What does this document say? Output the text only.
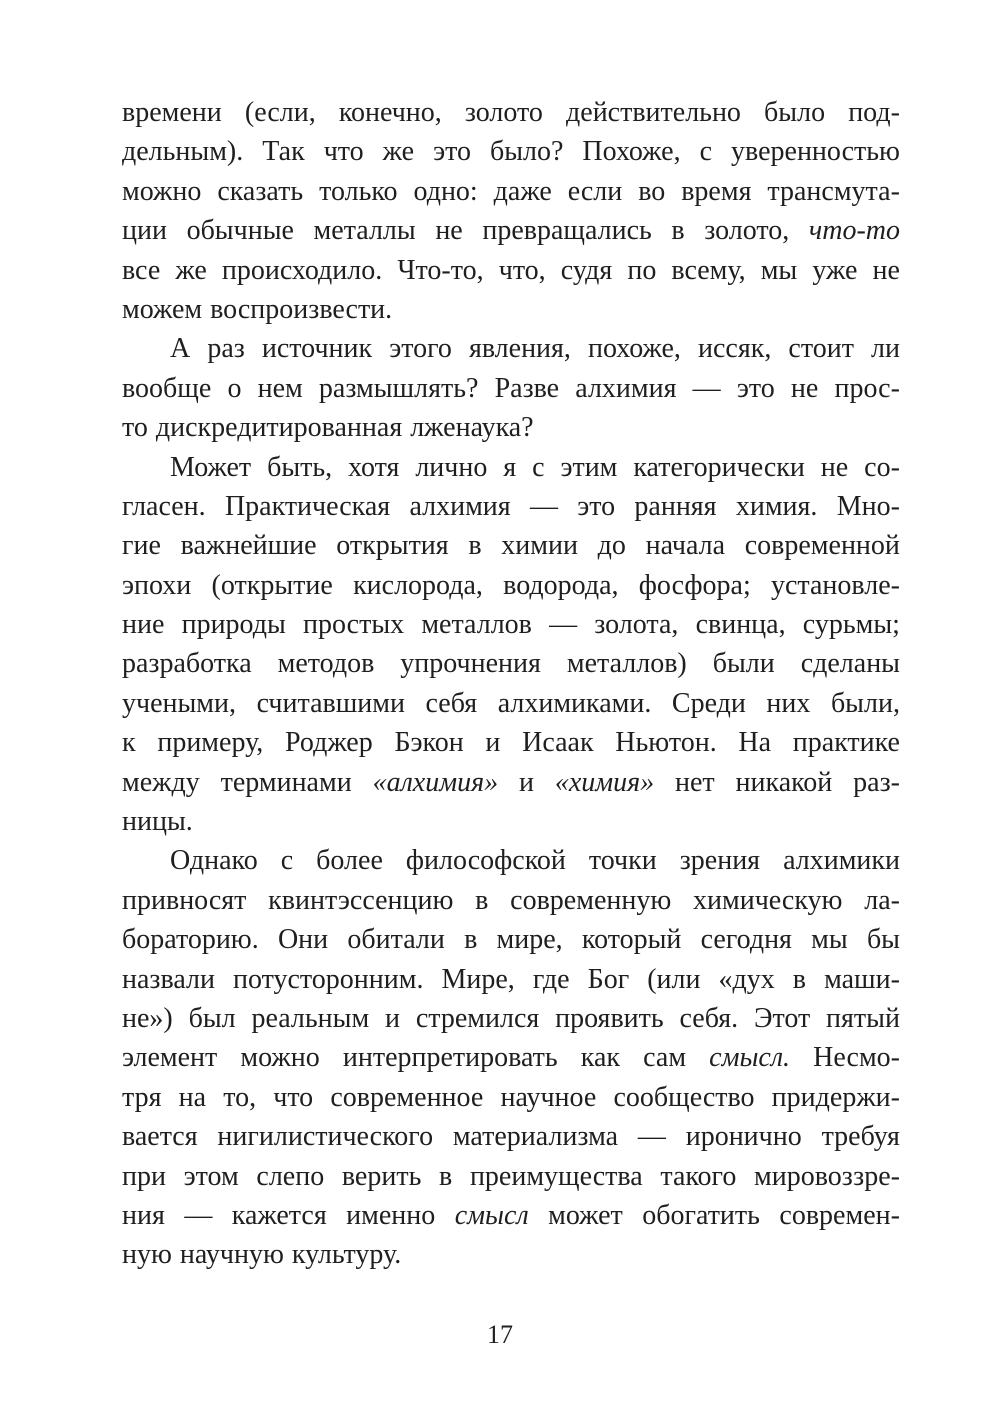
времени (если, конечно, золото действительно было под-
дельным). Так что же это было? Похоже, с уверенностью
можно сказать только одно: даже если во время трансмута-
ции обычные металлы не превращались в золото, что-то
все же происходило. Что-то, что, судя по всему, мы уже не
можем воспроизвести.
А раз источник этого явления, похоже, иссяк, стоит ли
вообще о нем размышлять? Разве алхимия — это не прос-
то дискредитированная лженаука?
Может быть, хотя лично я с этим категорически не со-
гласен. Практическая алхимия — это ранняя химия. Мно-
гие важнейшие открытия в химии до начала современной
эпохи (открытие кислорода, водорода, фосфора; установле-
ние природы простых металлов — золота, свинца, сурьмы;
разработка методов упрочнения металлов) были сделаны
учеными, считавшими себя алхимиками. Среди них были,
к примеру, Роджер Бэкон и Исаак Ньютон. На практике
между терминами «алхимия» и «химия» нет никакой раз-
ницы.
Однако с более философской точки зрения алхимики
привносят квинтэссенцию в современную химическую ла-
бораторию. Они обитали в мире, который сегодня мы бы
назвали потусторонним. Мире, где Бог (или «дух в маши-
не») был реальным и стремился проявить себя. Этот пятый
элемент можно интерпретировать как сам смысл. Несмо-
тря на то, что современное научное сообщество придержи-
вается нигилистического материализма — иронично требуя
при этом слепо верить в преимущества такого мировоззре-
ния — кажется именно смысл может обогатить современ-
ную научную культуру.
17
